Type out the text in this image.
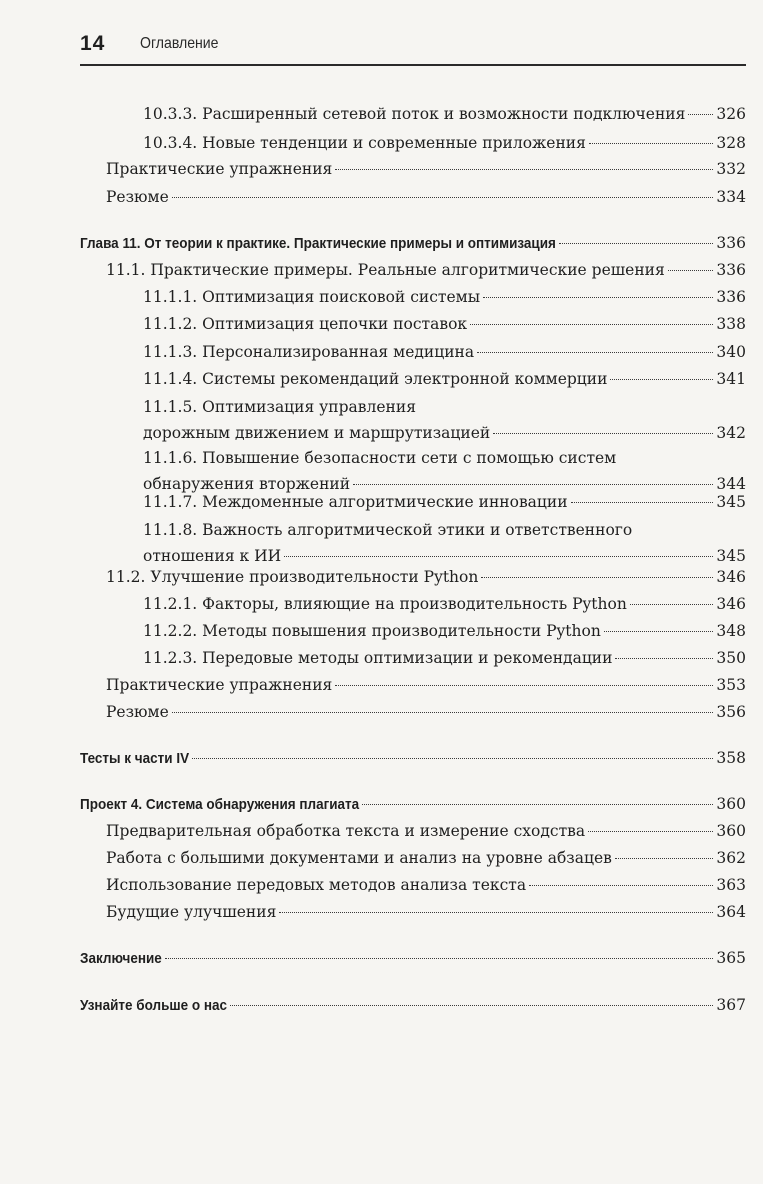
14 Оглавление
10.3.3. Расширенный сетевой поток и возможности подключения 326
10.3.4. Новые тенденции и современные приложения	328
Практические упражнения	332
Резюме	334
Глава 11. От теории к практике. Практические примеры и оптимизация	336
11.1. Практические примеры. Реальные алгоритмические решения	336
11.1.1. Оптимизация поисковой системы	336
11.1.2. Оптимизация цепочки поставок	338
11.1.3. Персонализированная медицина	340
11.1.4. Системы рекомендаций электронной коммерции	341
11.1.5. Оптимизация управления
дорожным движением и маршрутизацией	342
11.1.6. Повышение безопасности сети с помощью систем
обнаружения вторжений	344
11.1.7. Междоменные алгоритмические инновации	345
11.1.8. Важность алгоритмической этики и ответственного
отношения к ИИ	345
11.2. Улучшение производительности Python	346
11.2.1. Факторы, влияющие на производительность Python	346
11.2.2. Методы повышения производительности Python	348
11.2.3. Передовые методы оптимизации и рекомендации	350
Практические упражнения	353
Резюме	356
Тесты к части IV	358
Проект 4. Система обнаружения плагиата	360
Предварительная обработка текста и измерение сходства	360
Работа с большими документами и анализ на уровне абзацев	362
Использование передовых методов анализа текста	363
Будущие улучшения	364
Заключение	365
Узнайте больше о нас	367
